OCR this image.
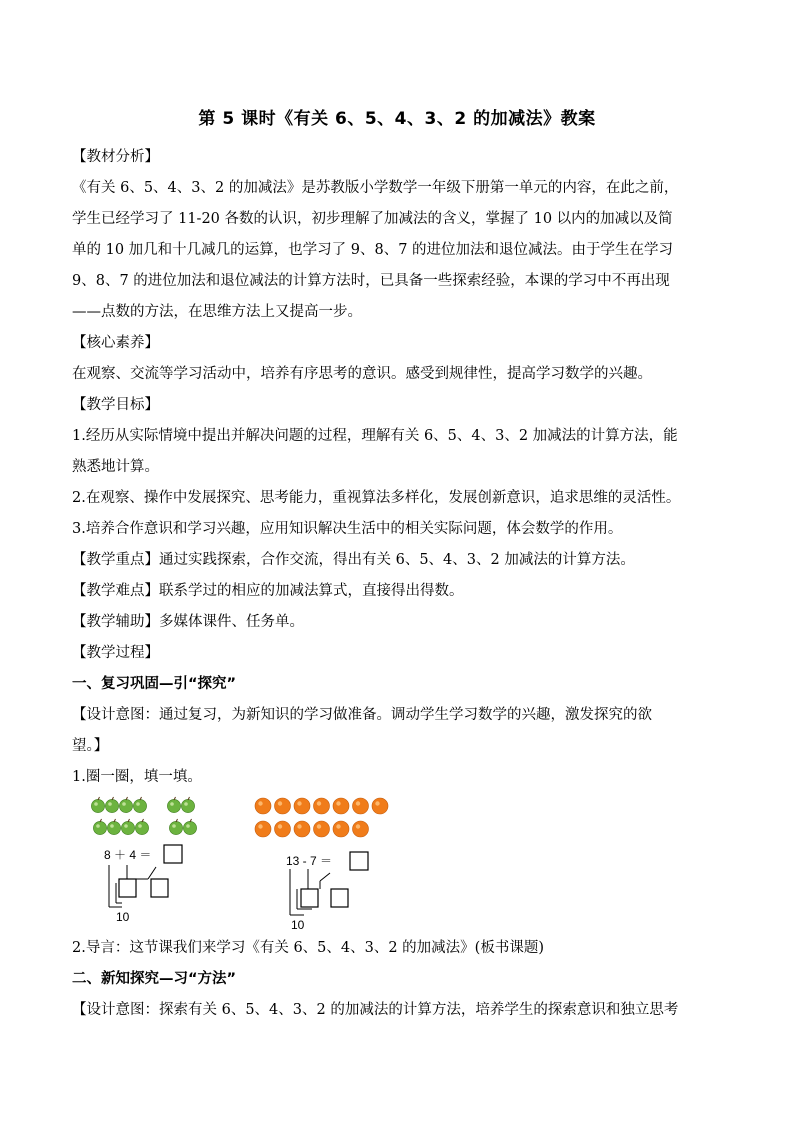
第 5 课时《有关 6、5、4、3、2 的加减法》教案

【教材分析】

《有关 6、5、4、3、2 的加减法》是苏教版小学数学一年级下册第一单元的内容，在此之前，

学生已经学习了 11-20 各数的认识，初步理解了加减法的含义，掌握了 10 以内的加减以及简

单的 10 加几和十几减几的运算，也学习了 9、8、7 的进位加法和退位减法。由于学生在学习

9、8、7 的进位加法和退位减法的计算方法时，已具备一些探索经验，本课的学习中不再出现

——点数的方法，在思维方法上又提高一步。

【核心素养】

在观察、交流等学习活动中，培养有序思考的意识。感受到规律性，提高学习数学的兴趣。

【教学目标】

1.经历从实际情境中提出并解决问题的过程，理解有关 6、5、4、3、2 加减法的计算方法，能

熟悉地计算。

2.在观察、操作中发展探究、思考能力，重视算法多样化，发展创新意识，追求思维的灵活性。

3.培养合作意识和学习兴趣，应用知识解决生活中的相关实际问题，体会数学的作用。

【教学重点】通过实践探索，合作交流，得出有关 6、5、4、3、2 加减法的计算方法。

【教学难点】联系学过的相应的加减法算式，直接得出得数。

【教学辅助】多媒体课件、任务单。

【教学过程】

一、复习巩固—引“探究”

【设计意图：通过复习，为新知识的学习做准备。调动学生学习数学的兴趣，激发探究的欲

望。】

1.圈一圈，填一填。

8 ＋ 4 ＝
10
13 - 7 ＝
10

2.导言：这节课我们来学习《有关 6、5、4、3、2 的加减法》(板书课题)

二、新知探究—习“方法”

【设计意图：探索有关 6、5、4、3、2 的加减法的计算方法，培养学生的探索意识和独立思考
